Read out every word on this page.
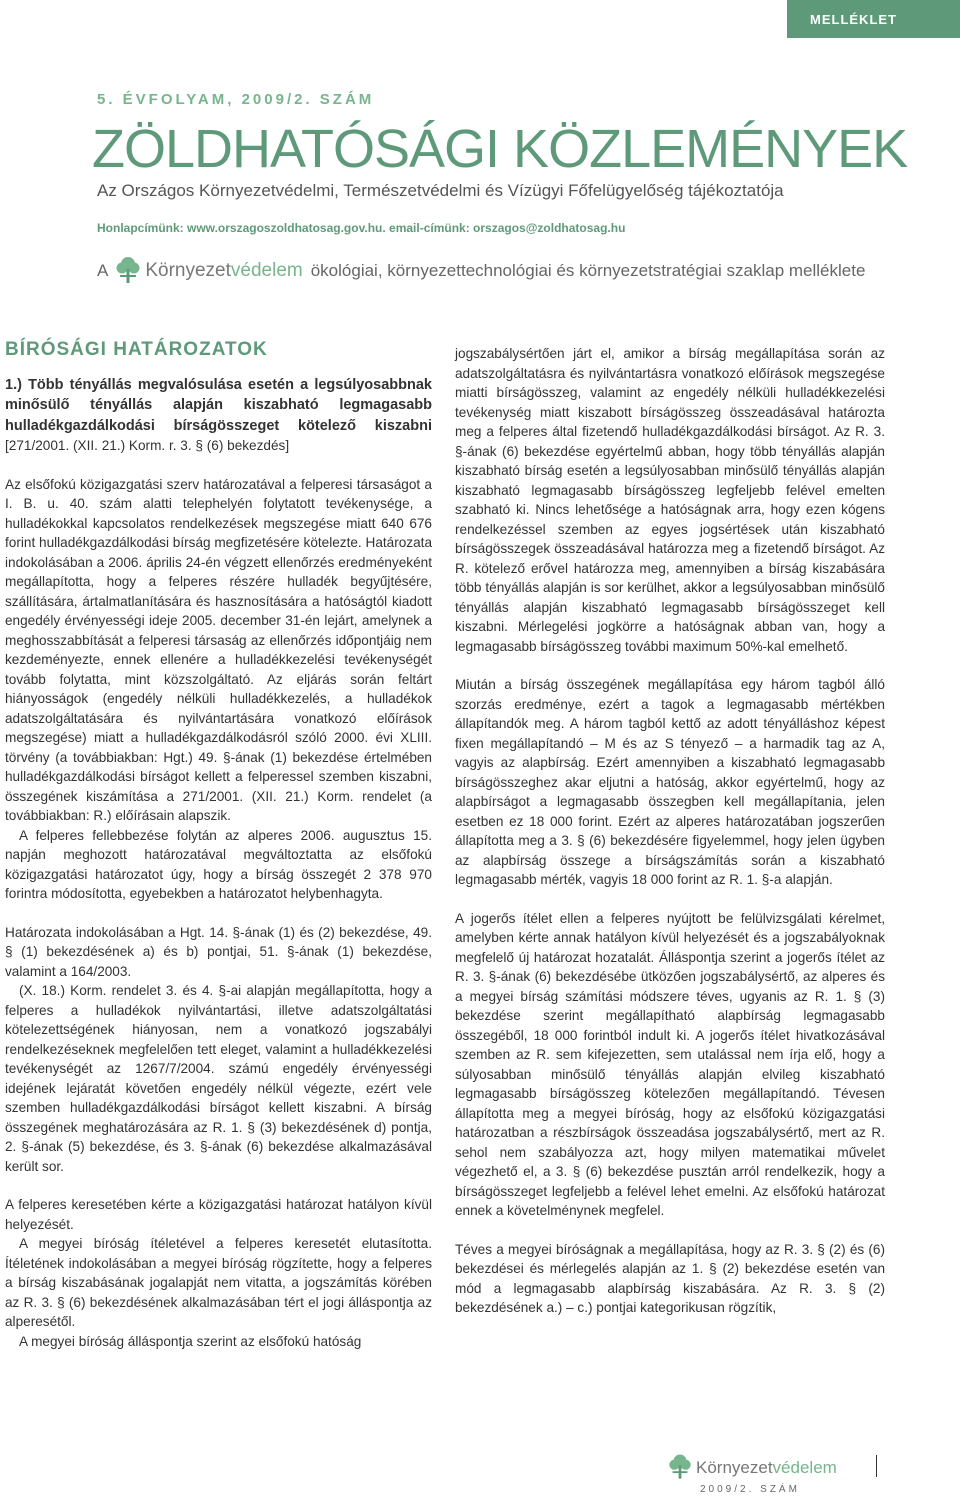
MELLÉKLET
5. ÉVFOLYAM, 2009/2. SZÁM
ZÖLDHATÓSÁGI KÖZLEMÉNYEK
Az Országos Környezetvédelmi, Természetvédelmi és Vízügyi Főfelügyelőség tájékoztatója
Honlapcímünk: www.orszagoszoldhatosag.gov.hu. email-címünk: orszagos@zoldhatosag.hu
A Környezetvédelem ökológiai, környezettechnológiai és környezetstratégiai szaklap melléklete
BÍRÓSÁGI HATÁROZATOK

1.) Több tényállás megvalósulása esetén a legsúlyosabbnak minősülő tényállás alapján kiszabható legmagasabb hulladékgazdálkodási bírságösszeget kötelező kiszabni [271/2001. (XII. 21.) Korm. r. 3. § (6) bekezdés]

Az elsőfokú közigazgatási szerv határozatával a felperesi társaságot a I. B. u. 40. szám alatti telephelyén folytatott tevékenysége, a hulladékokkal kapcsolatos rendelkezések megszegése miatt 640 676 forint hulladékgazdálkodási bírság megfizetésére kötelezte. Határozata indokolásában a 2006. április 24-én végzett ellenőrzés eredményeként megállapította, hogy a felperes részére hulladék begyűjtésére, szállítására, ártalmatlanítására és hasznosítására a hatóságtól kiadott engedély érvényességi ideje 2005. december 31-én lejárt, amelynek a meghosszabbítását a felperesi társaság az ellenőrzés időpontjáig nem kezdeményezte, ennek ellenére a hulladékkezelési tevékenységét tovább folytatta, mint közszolgáltató. Az eljárás során feltárt hiányosságok (engedély nélküli hulladékkezelés, a hulladékok adatszolgáltatására és nyilvántartására vonatkozó előírások megszegése) miatt a hulladékgazdálkodásról szóló 2000. évi XLIII. törvény (a továbbiakban: Hgt.) 49. §-ának (1) bekezdése értelmében hulladékgazdálkodási bírságot kellett a felperessel szemben kiszabni, összegének kiszámítása a 271/2001. (XII. 21.) Korm. rendelet (a továbbiakban: R.) előírásain alapszik.

A felperes fellebbezése folytán az alperes 2006. augusztus 15. napján meghozott határozatával megváltoztatta az elsőfokú közigazgatási határozatot úgy, hogy a bírság összegét 2 378 970 forintra módosította, egyebekben a határozatot helybenhagyta.

Határozata indokolásában a Hgt. 14. §-ának (1) és (2) bekezdése, 49. § (1) bekezdésének a) és b) pontjai, 51. §-ának (1) bekezdése, valamint a 164/2003.

(X. 18.) Korm. rendelet 3. és 4. §-ai alapján megállapította, hogy a felperes a hulladékok nyilvántartási, illetve adatszolgáltatási kötelezettségének hiányosan, nem a vonatkozó jogszabályi rendelkezéseknek megfelelően tett eleget, valamint a hulladékkezelési tevékenységét az 1267/7/2004. számú engedély érvényességi idejének lejáratát követően engedély nélkül végezte, ezért vele szemben hulladékgazdálkodási bírságot kellett kiszabni. A bírság összegének meghatározására az R. 1. § (3) bekezdésének d) pontja, 2. §-ának (5) bekezdése, és 3. §-ának (6) bekezdése alkalmazásával került sor.

A felperes keresetében kérte a közigazgatási határozat hatályon kívül helyezését.

A megyei bíróság ítéletével a felperes keresetét elutasította. Ítéletének indokolásában a megyei bíróság rögzítette, hogy a felperes a bírság kiszabásának jogalapját nem vitatta, a jogszámítás körében az R. 3. § (6) bekezdésének alkalmazásában tért el jogi álláspontja az alperesétől.

A megyei bíróság álláspontja szerint az elsőfokú hatóság

jogszabálysértően járt el, amikor a bírság megállapítása során az adatszolgáltatásra és nyilvántartásra vonatkozó előírások megszegése miatti bírságösszeg, valamint az engedély nélküli hulladékkezelési tevékenység miatt kiszabott bírságösszeg összeadásával határozta meg a felperes által fizetendő hulladékgazdálkodási bírságot. Az R. 3. §-ának (6) bekezdése egyértelmű abban, hogy több tényállás alapján kiszabható bírság esetén a legsúlyosabban minősülő tényállás alapján kiszabható legmagasabb bírságösszeg legfeljebb felével emelten szabható ki. Nincs lehetősége a hatóságnak arra, hogy ezen kógens rendelkezéssel szemben az egyes jogsértések után kiszabható bírságösszegek összeadásával határozza meg a fizetendő bírságot. Az R. kötelező erővel határozza meg, amennyiben a bírság kiszabására több tényállás alapján is sor kerülhet, akkor a legsúlyosabban minősülő tényállás alapján kiszabható legmagasabb bírságösszeget kell kiszabni. Mérlegelési jogkörre a hatóságnak abban van, hogy a legmagasabb bírságösszeg további maximum 50%-kal emelhető.

Miután a bírság összegének megállapítása egy három tagból álló szorzás eredménye, ezért a tagok a legmagasabb mértékben állapítandók meg. A három tagból kettő az adott tényálláshoz képest fixen megállapítandó – M és az S tényező – a harmadik tag az A, vagyis az alapbírság. Ezért amennyiben a kiszabható legmagasabb bírságösszeghez akar eljutni a hatóság, akkor egyértelmű, hogy az alapbírságot a legmagasabb összegben kell megállapítania, jelen esetben ez 18 000 forint. Ezért az alperes határozatában jogszerűen állapította meg a 3. § (6) bekezdésére figyelemmel, hogy jelen ügyben az alapbírság összege a bírságszámítás során a kiszabható legmagasabb mérték, vagyis 18 000 forint az R. 1. §-a alapján.

A jogerős ítélet ellen a felperes nyújtott be felülvizsgálati kérelmet, amelyben kérte annak hatályon kívül helyezését és a jogszabályoknak megfelelő új határozat hozatalát. Álláspontja szerint a jogerős ítélet az R. 3. §-ának (6) bekezdésébe ütközően jogszabálysértő, az alperes és a megyei bírság számítási módszere téves, ugyanis az R. 1. § (3) bekezdése szerint megállapítható alapbírság legmagasabb összegéből, 18 000 forintból indult ki. A jogerős ítélet hivatkozásával szemben az R. sem kifejezetten, sem utalással nem írja elő, hogy a súlyosabban minősülő tényállás alapján elvileg kiszabható legmagasabb bírságösszeg kötelezően megállapítandó. Tévesen állapította meg a megyei bíróság, hogy az elsőfokú közigazgatási határozatban a részbírságok összeadása jogszabálysértő, mert az R. sehol nem szabályozza azt, hogy milyen matematikai művelet végezhető el, a 3. § (6) bekezdése pusztán arról rendelkezik, hogy a bírságösszeget legfeljebb a felével lehet emelni. Az elsőfokú határozat ennek a követelménynek megfelel.

Téves a megyei bíróságnak a megállapítása, hogy az R. 3. § (2) és (6) bekezdései és mérlegelés alapján az 1. § (2) bekezdése esetén van mód a legmagasabb alapbírság kiszabására. Az R. 3. § (2) bekezdésének a.) – c.) pontjai kategorikusan rögzítik,

Környezetvédelem
2009/2. SZÁM
